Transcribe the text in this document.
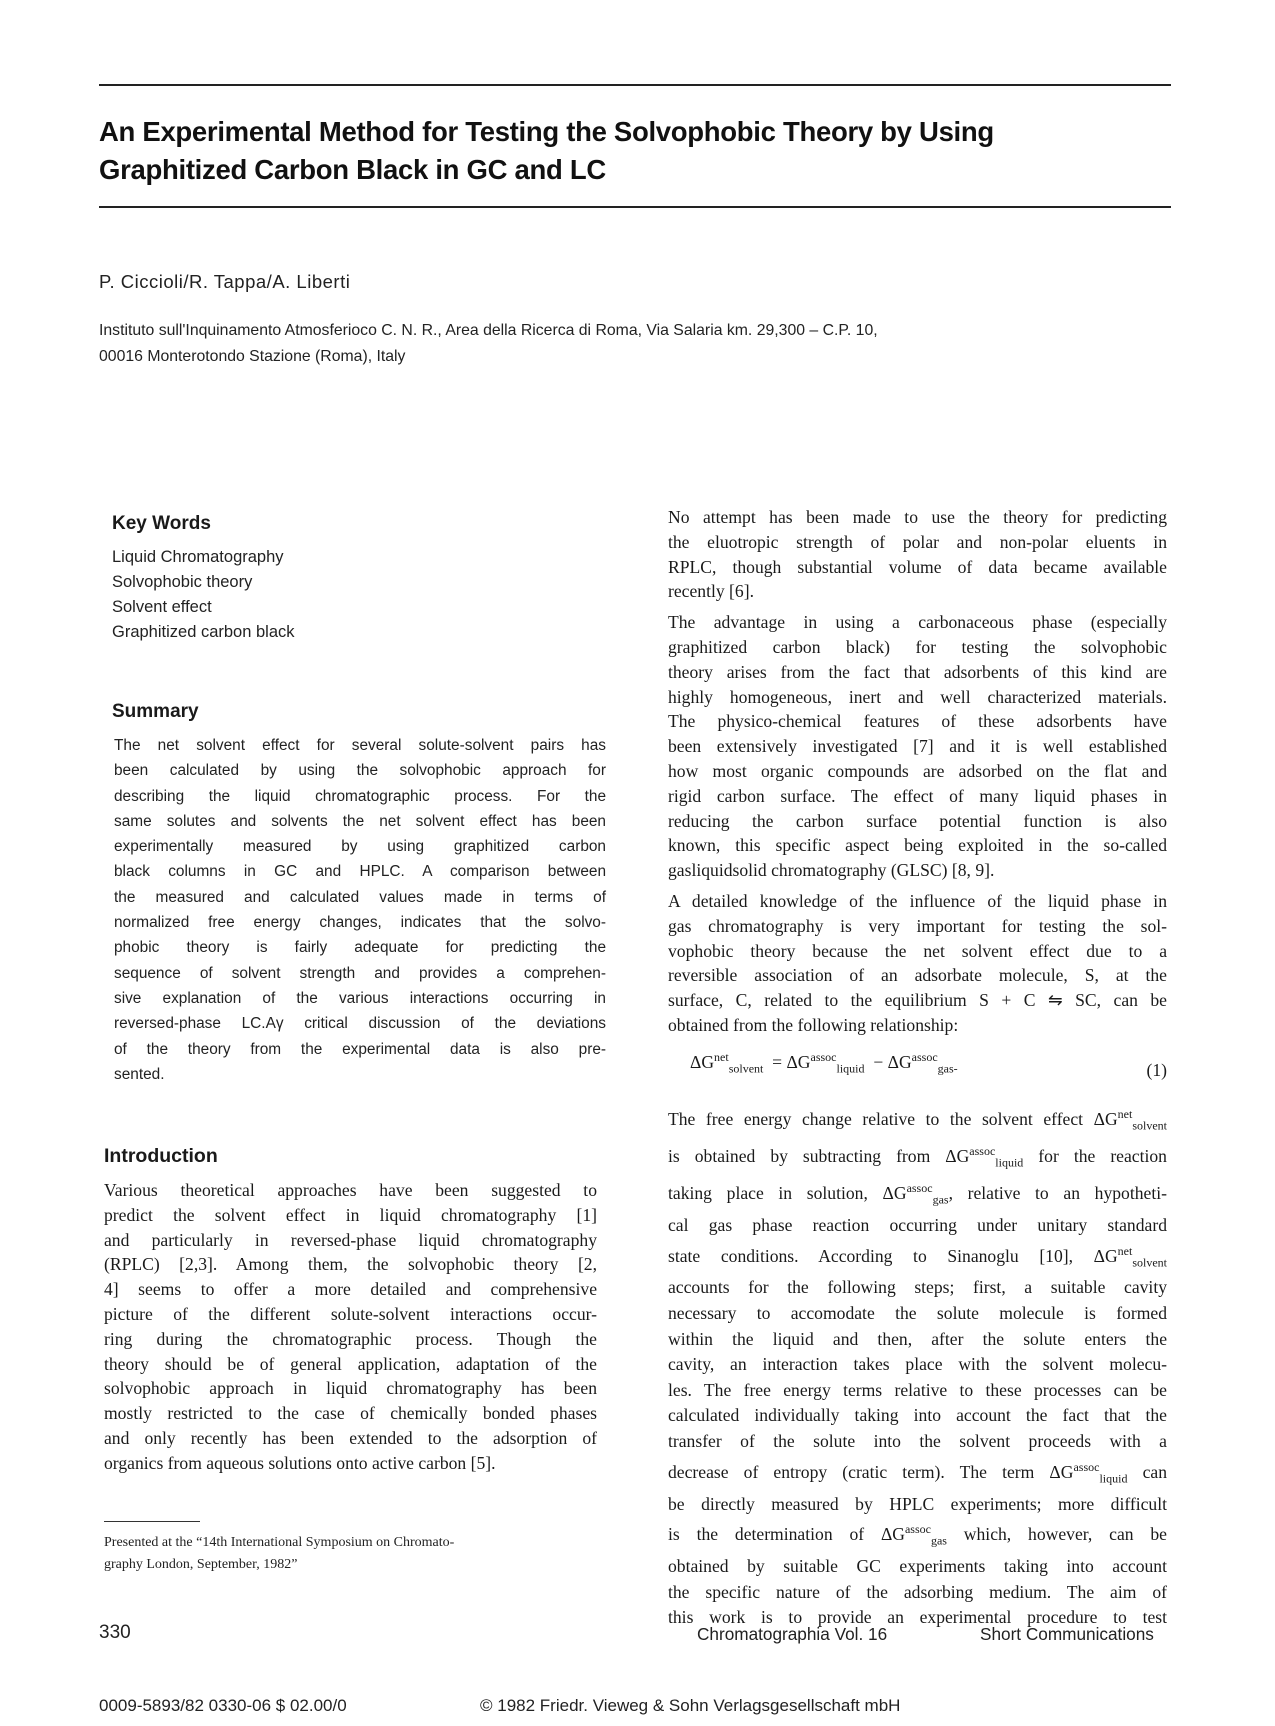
An Experimental Method for Testing the Solvophobic Theory by Using
Graphitized Carbon Black in GC and LC
P. Ciccioli/R. Tappa/A. Liberti
Instituto sull'Inquinamento Atmosferioco C. N. R., Area della Ricerca di Roma, Via Salaria km. 29,300 – C.P. 10,
00016 Monterotondo Stazione (Roma), Italy
Key Words
Liquid Chromatography
Solvophobic theory
Solvent effect
Graphitized carbon black
Summary
The net solvent effect for several solute-solvent pairs has
been calculated by using the solvophobic approach for
describing the liquid chromatographic process. For the
same solutes and solvents the net solvent effect has been
experimentally measured by using graphitized carbon
black columns in GC and HPLC. A comparison between
the measured and calculated values made in terms of
normalized free energy changes, indicates that the solvo-
phobic theory is fairly adequate for predicting the
sequence of solvent strength and provides a comprehen-
sive explanation of the various interactions occurring in
reversed-phase LC.Aγ critical discussion of the deviations
of the theory from the experimental data is also pre-
sented.
Introduction
Various theoretical approaches have been suggested to
predict the solvent effect in liquid chromatography [1]
and particularly in reversed-phase liquid chromatography
(RPLC) [2,3]. Among them, the solvophobic theory [2,
4] seems to offer a more detailed and comprehensive
picture of the different solute-solvent interactions occur-
ring during the chromatographic process. Though the
theory should be of general application, adaptation of the
solvophobic approach in liquid chromatography has been
mostly restricted to the case of chemically bonded phases
and only recently has been extended to the adsorption of
organics from aqueous solutions onto active carbon [5].
No attempt has been made to use the theory for predicting
the eluotropic strength of polar and non-polar eluents in
RPLC, though substantial volume of data became available
recently [6].
The advantage in using a carbonaceous phase (especially
graphitized carbon black) for testing the solvophobic
theory arises from the fact that adsorbents of this kind are
highly homogeneous, inert and well characterized materials.
The physico-chemical features of these adsorbents have
been extensively investigated [7] and it is well established
how most organic compounds are adsorbed on the flat and
rigid carbon surface. The effect of many liquid phases in
reducing the carbon surface potential function is also
known, this specific aspect being exploited in the so-called
gasliquidsolid chromatography (GLSC) [8, 9].
A detailed knowledge of the influence of the liquid phase in
gas chromatography is very important for testing the sol-
vophobic theory because the net solvent effect due to a
reversible association of an adsorbate molecule, S, at the
surface, C, related to the equilibrium S + C ⇋ SC, can be
obtained from the following relationship:
$\Delta G^{net}_{solvent} = \Delta G^{assoc}_{liquid} - \Delta G^{assoc}_{gas-}$	(1)
The free energy change relative to the solvent effect $\Delta G^{net}_{solvent}$
is obtained by subtracting from $\Delta G^{assoc}_{liquid}$ for the reaction
taking place in solution, $\Delta G^{assoc}_{gas}$, relative to an hypotheti-
cal gas phase reaction occurring under unitary standard
state conditions. According to Sinanoglu [10], $\Delta G^{net}_{solvent}$
accounts for the following steps; first, a suitable cavity
necessary to accomodate the solute molecule is formed
within the liquid and then, after the solute enters the
cavity, an interaction takes place with the solvent molecu-
les. The free energy terms relative to these processes can be
calculated individually taking into account the fact that the
transfer of the solute into the solvent proceeds with a
decrease of entropy (cratic term). The term $\Delta G^{assoc}_{liquid}$ can
be directly measured by HPLC experiments; more difficult
is the determination of $\Delta G^{assoc}_{gas}$ which, however, can be
obtained by suitable GC experiments taking into account
the specific nature of the adsorbing medium. The aim of
this work is to provide an experimental procedure to test
Presented at the “14th International Symposium on Chromato-
graphy London, September, 1982”
330	Chromatographia Vol. 16	Short Communications
0009-5893/82 0330-06 $ 02.00/0	© 1982 Friedr. Vieweg & Sohn Verlagsgesellschaft mbH
